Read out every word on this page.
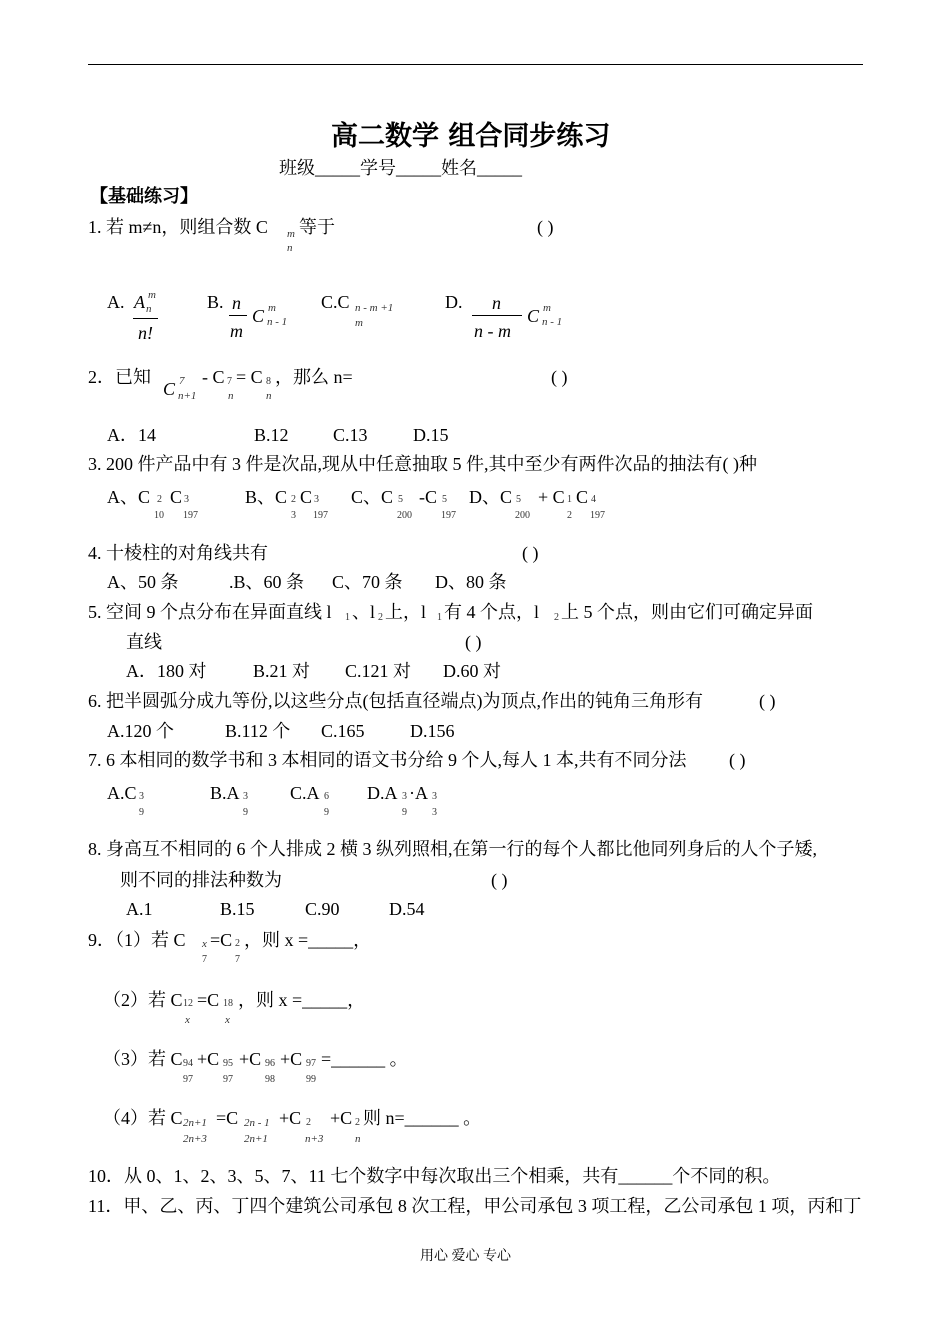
高二数学 组合同步练习
班级_____学号_____姓名_____
【基础练习】
1. 若 m≠n，则组合数 C m
n
等于	( )
A. A m
n
n!
B. n
m
C m
n - 1
C.C n - m +1
m
D. n
n - m
C m
n - 1
2．已知
C 7
n+1
- C 7
n
= C 8
n
，那么 n=	( )
A．14	B.12 C.13	D.15
3. 200 件产品中有 3 件是次品,现从中任意抽取 5 件,其中至少有两件次品的抽法有( )种
A、C 2
10
C 3
197
B、C 2
3
C 3
197
C、C 5
200
-C 5
197
D、C 5
200
+ C 1
2
C 4
197
4. 十棱柱的对角线共有	( )
A、50 条	.B、60 条 C、70 条 D、80 条
5. 空间 9 个点分布在异面直线 l 1 、l 2 上，l 1 有 4 个点，l 2 上 5 个点，则由它们可确定异面
直线	( )
A．180 对	B.21 对 C.121 对 D.60 对
6. 把半圆弧分成九等份,以这些分点(包括直径端点)为顶点,作出的钝角三角形有	( )
A.120 个	B.112 个 C.165	D.156
7. 6 本相同的数学书和 3 本相同的语文书分给 9 个人,每人 1 本,共有不同分法 ( )
A.C 3
9
B.A 3
9
C.A 6
9
D.A 3
9
·A 3
3
8. 身高互不相同的 6 个人排成 2 横 3 纵列照相,在第一行的每个人都比他同列身后的人个子矮,
则不同的排法种数为	( )
A.1	B.15	C.90	D.54
9．（1）若 C x
7
=C 2
7
，则 x =_____，
（2）若 C 12
x
=C 18
x
，则 x =_____，
（3）若 C 94
97
+C 95
97
+C 96
98
+C 97
99
=______ 。
（4）若 C 2n+1
2n+3
=C 2n - 1
2n+1
+C 2
n+3
+C 2
n
则 n=______ 。
10．从 0、1、2、3、5、7、11 七个数字中每次取出三个相乘，共有______个不同的积。
11．甲、乙、丙、丁四个建筑公司承包 8 次工程，甲公司承包 3 项工程，乙公司承包 1 项，丙和丁
用心 爱心 专心
